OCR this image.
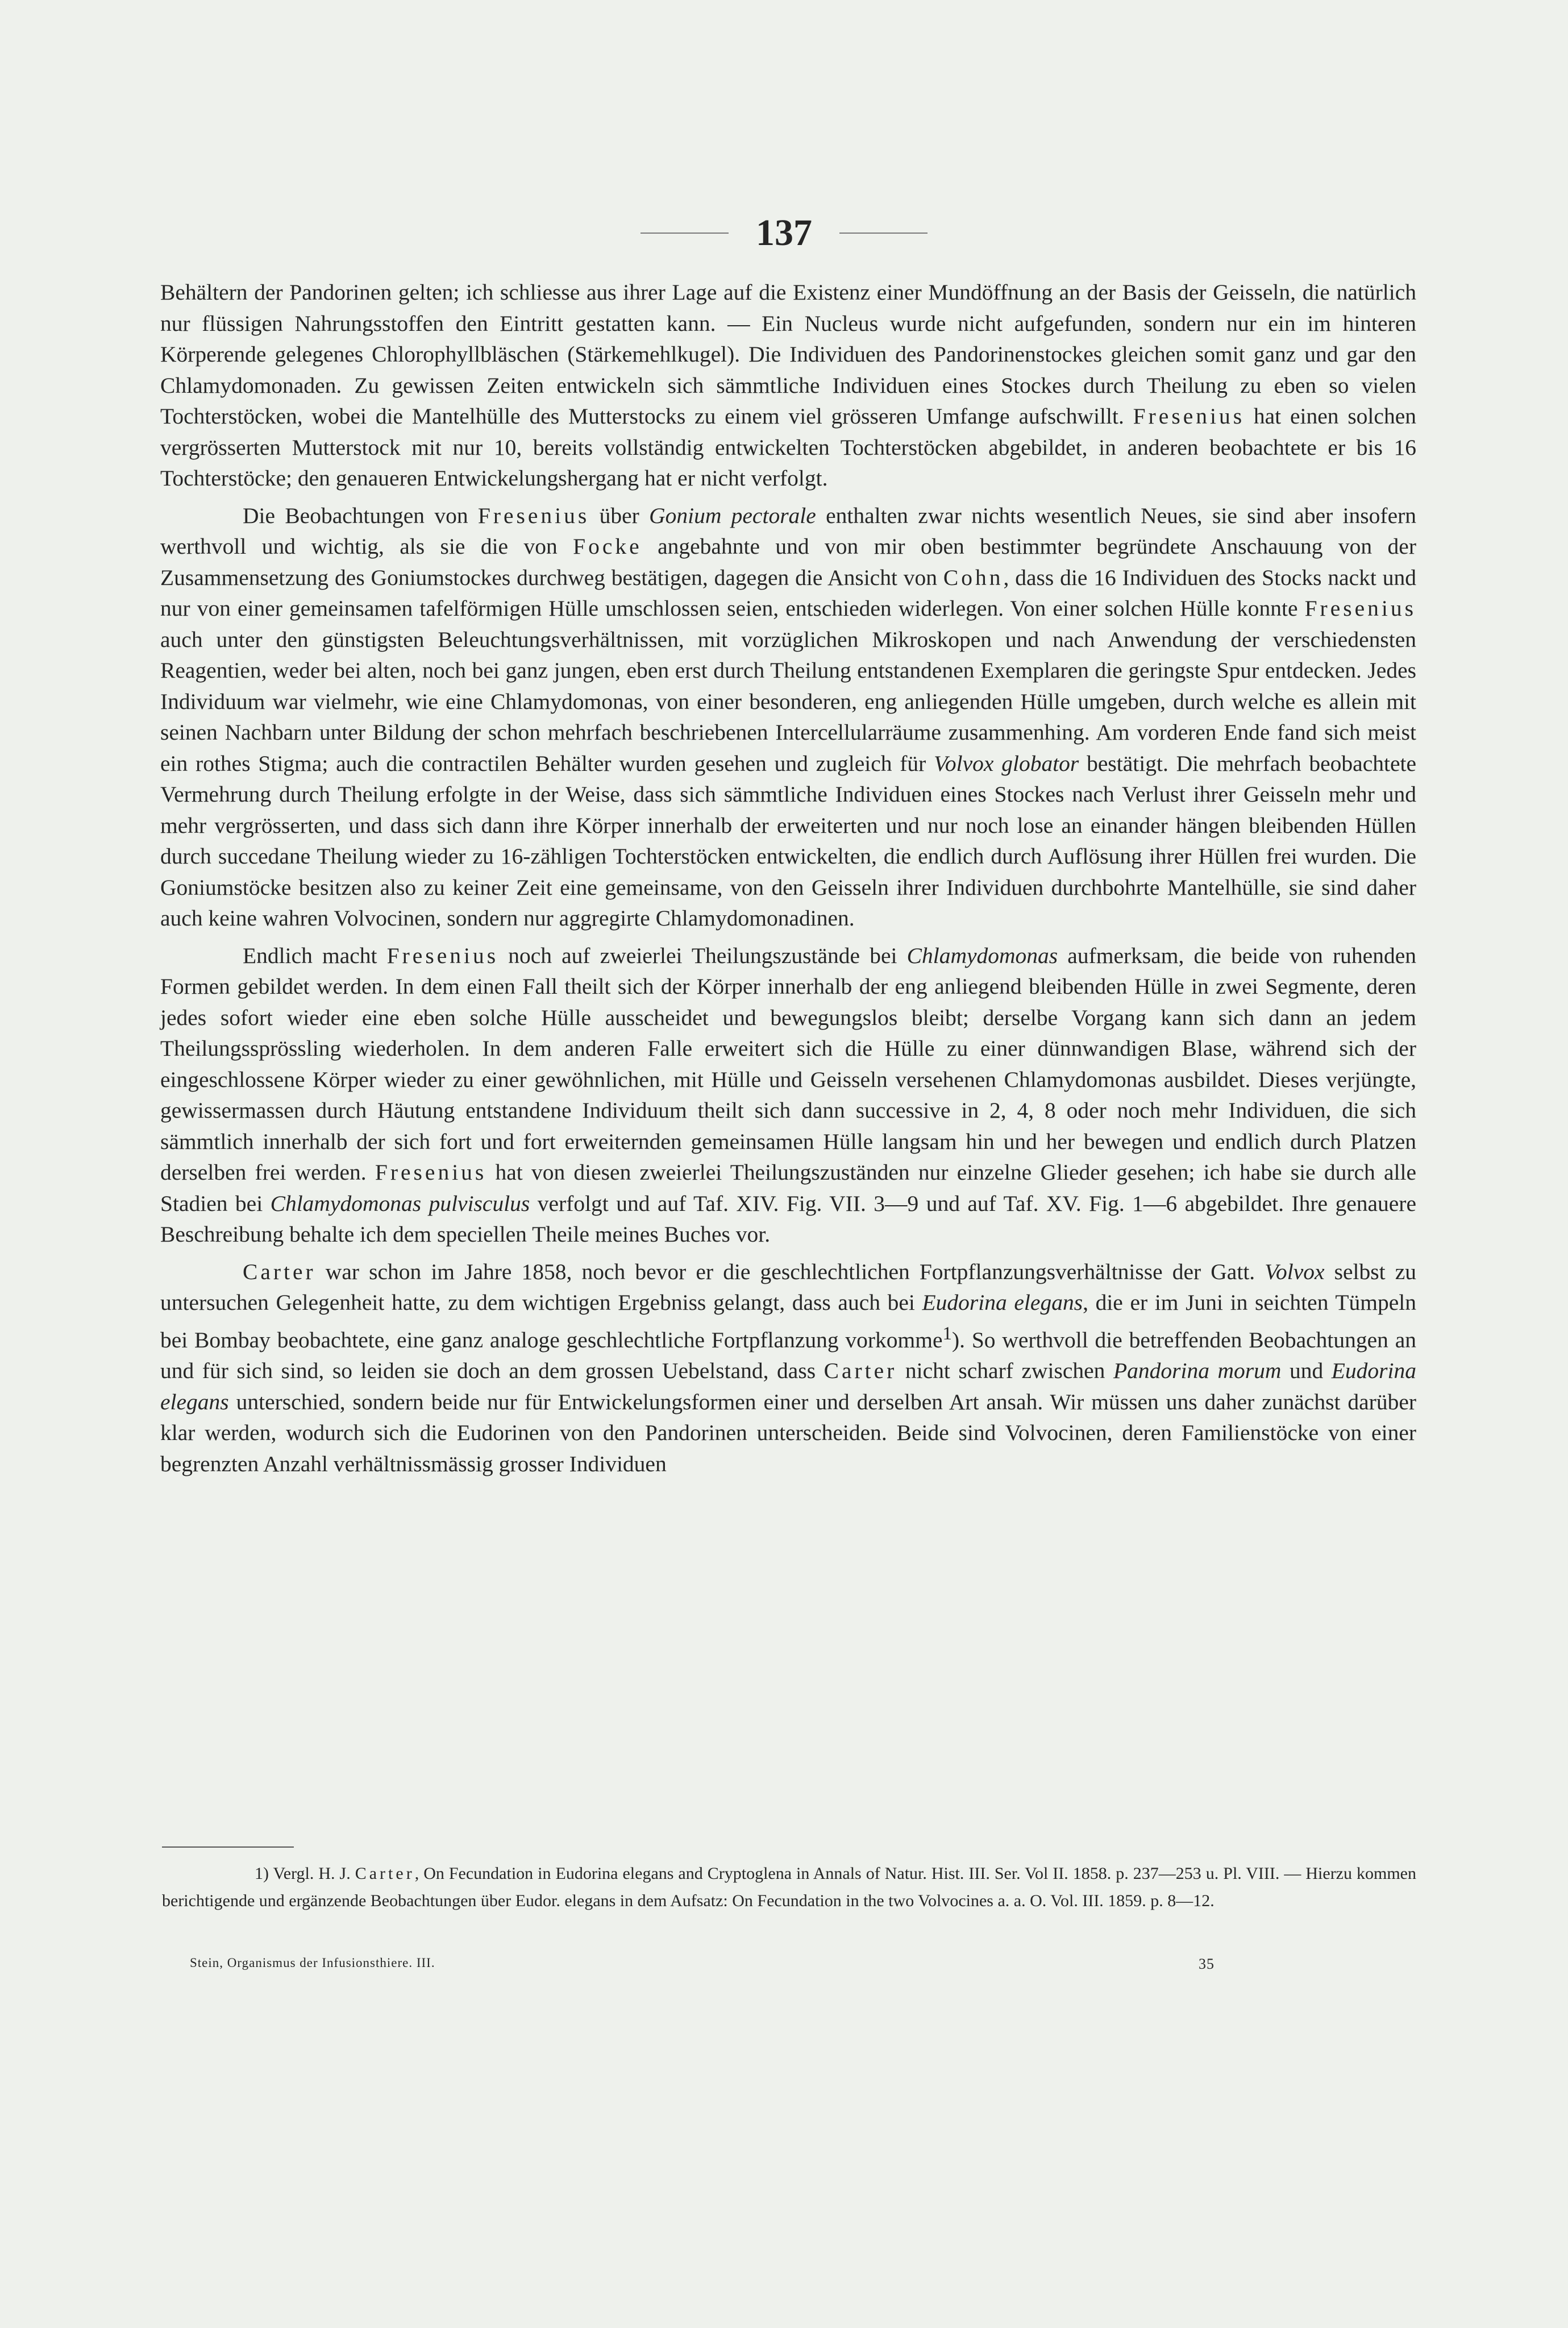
137

Behältern der Pandorinen gelten; ich schliesse aus ihrer Lage auf die Existenz einer Mundöffnung an der Basis der Geisseln, die natürlich nur flüssigen Nahrungsstoffen den Eintritt gestatten kann. — Ein Nucleus wurde nicht aufgefunden, sondern nur ein im hinteren Körperende gelegenes Chlorophyllbläschen (Stärkemehlkugel). Die Individuen des Pandorinenstockes gleichen somit ganz und gar den Chlamydomonaden. Zu gewissen Zeiten entwickeln sich sämmtliche Individuen eines Stockes durch Theilung zu eben so vielen Tochterstöcken, wobei die Mantelhülle des Mutterstocks zu einem viel grösseren Umfange aufschwillt. Fresenius hat einen solchen vergrösserten Mutterstock mit nur 10, bereits vollständig entwickelten Tochterstöcken abgebildet, in anderen beobachtete er bis 16 Tochterstöcke; den genaueren Entwickelungshergang hat er nicht verfolgt.

Die Beobachtungen von Fresenius über Gonium pectorale enthalten zwar nichts wesentlich Neues, sie sind aber insofern werthvoll und wichtig, als sie die von Focke angebahnte und von mir oben bestimmter begründete Anschauung von der Zusammensetzung des Goniumstockes durchweg bestätigen, dagegen die Ansicht von Cohn, dass die 16 Individuen des Stocks nackt und nur von einer gemeinsamen tafelförmigen Hülle umschlossen seien, entschieden widerlegen. Von einer solchen Hülle konnte Fresenius auch unter den günstigsten Beleuchtungsverhältnissen, mit vorzüglichen Mikroskopen und nach Anwendung der verschiedensten Reagentien, weder bei alten, noch bei ganz jungen, eben erst durch Theilung entstandenen Exemplaren die geringste Spur entdecken. Jedes Individuum war vielmehr, wie eine Chlamydomonas, von einer besonderen, eng anliegenden Hülle umgeben, durch welche es allein mit seinen Nachbarn unter Bildung der schon mehrfach beschriebenen Intercellularräume zusammenhing. Am vorderen Ende fand sich meist ein rothes Stigma; auch die contractilen Behälter wurden gesehen und zugleich für Volvox globator bestätigt. Die mehrfach beobachtete Vermehrung durch Theilung erfolgte in der Weise, dass sich sämmtliche Individuen eines Stockes nach Verlust ihrer Geisseln mehr und mehr vergrösserten, und dass sich dann ihre Körper innerhalb der erweiterten und nur noch lose an einander hängen bleibenden Hüllen durch succedane Theilung wieder zu 16-zähligen Tochterstöcken entwickelten, die endlich durch Auflösung ihrer Hüllen frei wurden. Die Goniumstöcke besitzen also zu keiner Zeit eine gemeinsame, von den Geisseln ihrer Individuen durchbohrte Mantelhülle, sie sind daher auch keine wahren Volvocinen, sondern nur aggregirte Chlamydomonadinen.

Endlich macht Fresenius noch auf zweierlei Theilungszustände bei Chlamydomonas aufmerksam, die beide von ruhenden Formen gebildet werden. In dem einen Fall theilt sich der Körper innerhalb der eng anliegend bleibenden Hülle in zwei Segmente, deren jedes sofort wieder eine eben solche Hülle ausscheidet und bewegungslos bleibt; derselbe Vorgang kann sich dann an jedem Theilungssprössling wiederholen. In dem anderen Falle erweitert sich die Hülle zu einer dünnwandigen Blase, während sich der eingeschlossene Körper wieder zu einer gewöhnlichen, mit Hülle und Geisseln versehenen Chlamydomonas ausbildet. Dieses verjüngte, gewissermassen durch Häutung entstandene Individuum theilt sich dann successive in 2, 4, 8 oder noch mehr Individuen, die sich sämmtlich innerhalb der sich fort und fort erweiternden gemeinsamen Hülle langsam hin und her bewegen und endlich durch Platzen derselben frei werden. Fresenius hat von diesen zweierlei Theilungszuständen nur einzelne Glieder gesehen; ich habe sie durch alle Stadien bei Chlamydomonas pulvisculus verfolgt und auf Taf. XIV. Fig. VII. 3—9 und auf Taf. XV. Fig. 1—6 abgebildet. Ihre genauere Beschreibung behalte ich dem speciellen Theile meines Buches vor.

Carter war schon im Jahre 1858, noch bevor er die geschlechtlichen Fortpflanzungsverhältnisse der Gatt. Volvox selbst zu untersuchen Gelegenheit hatte, zu dem wichtigen Ergebniss gelangt, dass auch bei Eudorina elegans, die er im Juni in seichten Tümpeln bei Bombay beobachtete, eine ganz analoge geschlechtliche Fortpflanzung vorkomme$^1$). So werthvoll die betreffenden Beobachtungen an und für sich sind, so leiden sie doch an dem grossen Uebelstand, dass Carter nicht scharf zwischen Pandorina morum und Eudorina elegans unterschied, sondern beide nur für Entwickelungsformen einer und derselben Art ansah. Wir müssen uns daher zunächst darüber klar werden, wodurch sich die Eudorinen von den Pandorinen unterscheiden. Beide sind Volvocinen, deren Familienstöcke von einer begrenzten Anzahl verhältnissmässig grosser Individuen

1) Vergl. H. J. Carter, On Fecundation in Eudorina elegans and Cryptoglena in Annals of Natur. Hist. III. Ser. Vol II. 1858. p. 237—253 u. Pl. VIII. — Hierzu kommen berichtigende und ergänzende Beobachtungen über Eudor. elegans in dem Aufsatz: On Fecundation in the two Volvocines a. a. O. Vol. III. 1859. p. 8—12.

Stein, Organismus der Infusionsthiere. III.	35
